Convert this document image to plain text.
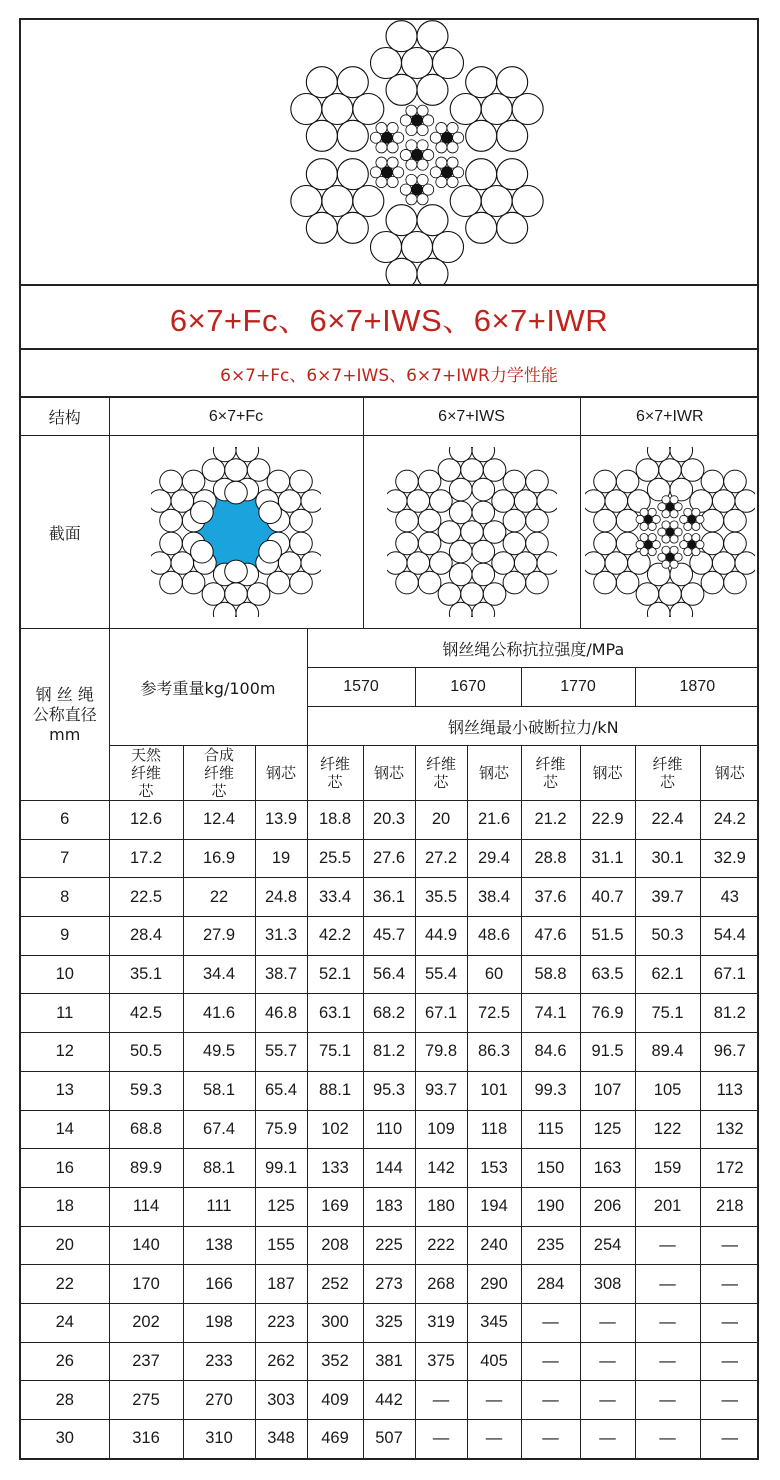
6×7+Fc、6×7+IWS、6×7+IWR
6×7+Fc、6×7+IWS、6×7+IWR力学性能
结构	6×7+Fc				6×7+IWS				6×7+IWR		
截面	

钢 丝 绳 公称直径 mm	参考重量kg/100m			钢丝绳公称抗拉强度/MPa							
				1570		1670		1770		1870	
				钢丝绳最小破断拉力/kN							
	天然纤维芯	合成纤维芯	钢芯	纤维芯	钢芯	纤维芯	钢芯	纤维芯	钢芯	纤维芯	钢芯
6	12.6	12.4	13.9	18.8	20.3	20	21.6	21.2	22.9	22.4	24.2
7	17.2	16.9	19	25.5	27.6	27.2	29.4	28.8	31.1	30.1	32.9
8	22.5	22	24.8	33.4	36.1	35.5	38.4	37.6	40.7	39.7	43
9	28.4	27.9	31.3	42.2	45.7	44.9	48.6	47.6	51.5	50.3	54.4
10	35.1	34.4	38.7	52.1	56.4	55.4	60	58.8	63.5	62.1	67.1
11	42.5	41.6	46.8	63.1	68.2	67.1	72.5	74.1	76.9	75.1	81.2
12	50.5	49.5	55.7	75.1	81.2	79.8	86.3	84.6	91.5	89.4	96.7
13	59.3	58.1	65.4	88.1	95.3	93.7	101	99.3	107	105	113
14	68.8	67.4	75.9	102	110	109	118	115	125	122	132
16	89.9	88.1	99.1	133	144	142	153	150	163	159	172
18	114	111	125	169	183	180	194	190	206	201	218
20	140	138	155	208	225	222	240	235	254	—	—
22	170	166	187	252	273	268	290	284	308	—	—
24	202	198	223	300	325	319	345	—	—	—	—
26	237	233	262	352	381	375	405	—	—	—	—
28	275	270	303	409	442	—	—	—	—	—	—
30	316	310	348	469	507	—	—	—	—	—	—
